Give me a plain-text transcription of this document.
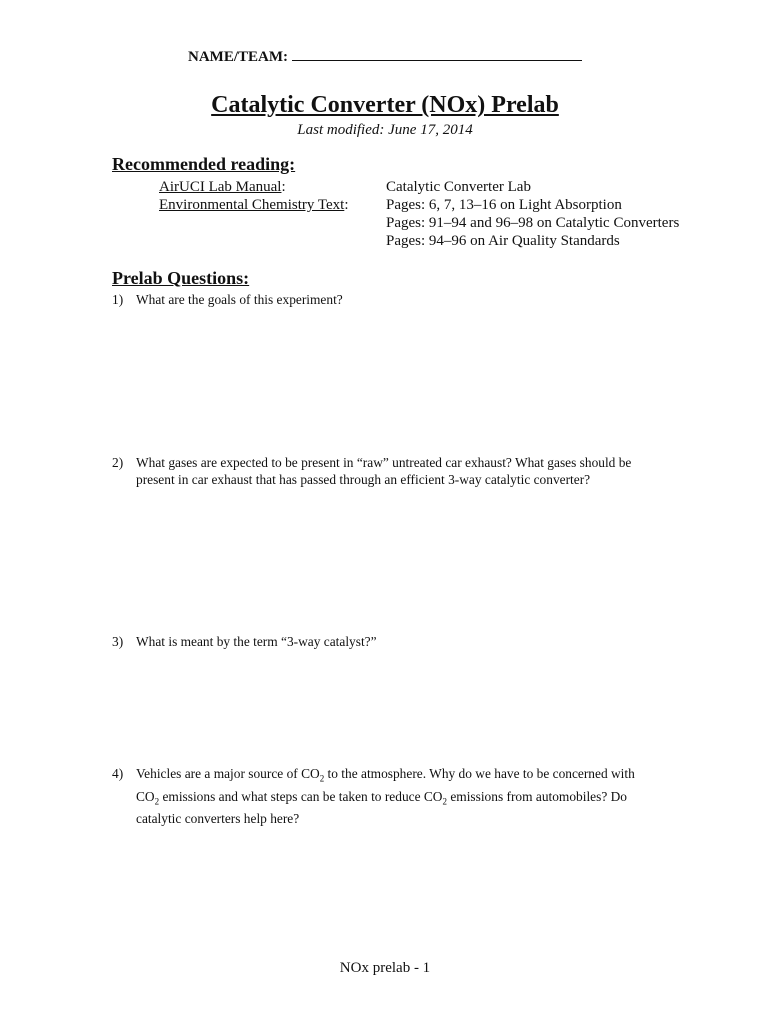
NAME/TEAM:
Catalytic Converter (NOx) Prelab
Last modified: June 17, 2014
Recommended reading:
AirUCI Lab Manual:
Environmental Chemistry Text:
Catalytic Converter Lab
Pages: 6, 7, 13–16 on Light Absorption
Pages: 91–94 and 96–98 on Catalytic Converters
Pages: 94–96 on Air Quality Standards
Prelab Questions:
1) What are the goals of this experiment?
2) What gases are expected to be present in “raw” untreated car exhaust? What gases should be present in car exhaust that has passed through an efficient 3-way catalytic converter?
3) What is meant by the term “3-way catalyst?”
4) Vehicles are a major source of $CO_2$ to the atmosphere. Why do we have to be concerned with
$CO_2$ emissions and what steps can be taken to reduce $CO_2$ emissions from automobiles? Do
catalytic converters help here?
NOx prelab - 1
